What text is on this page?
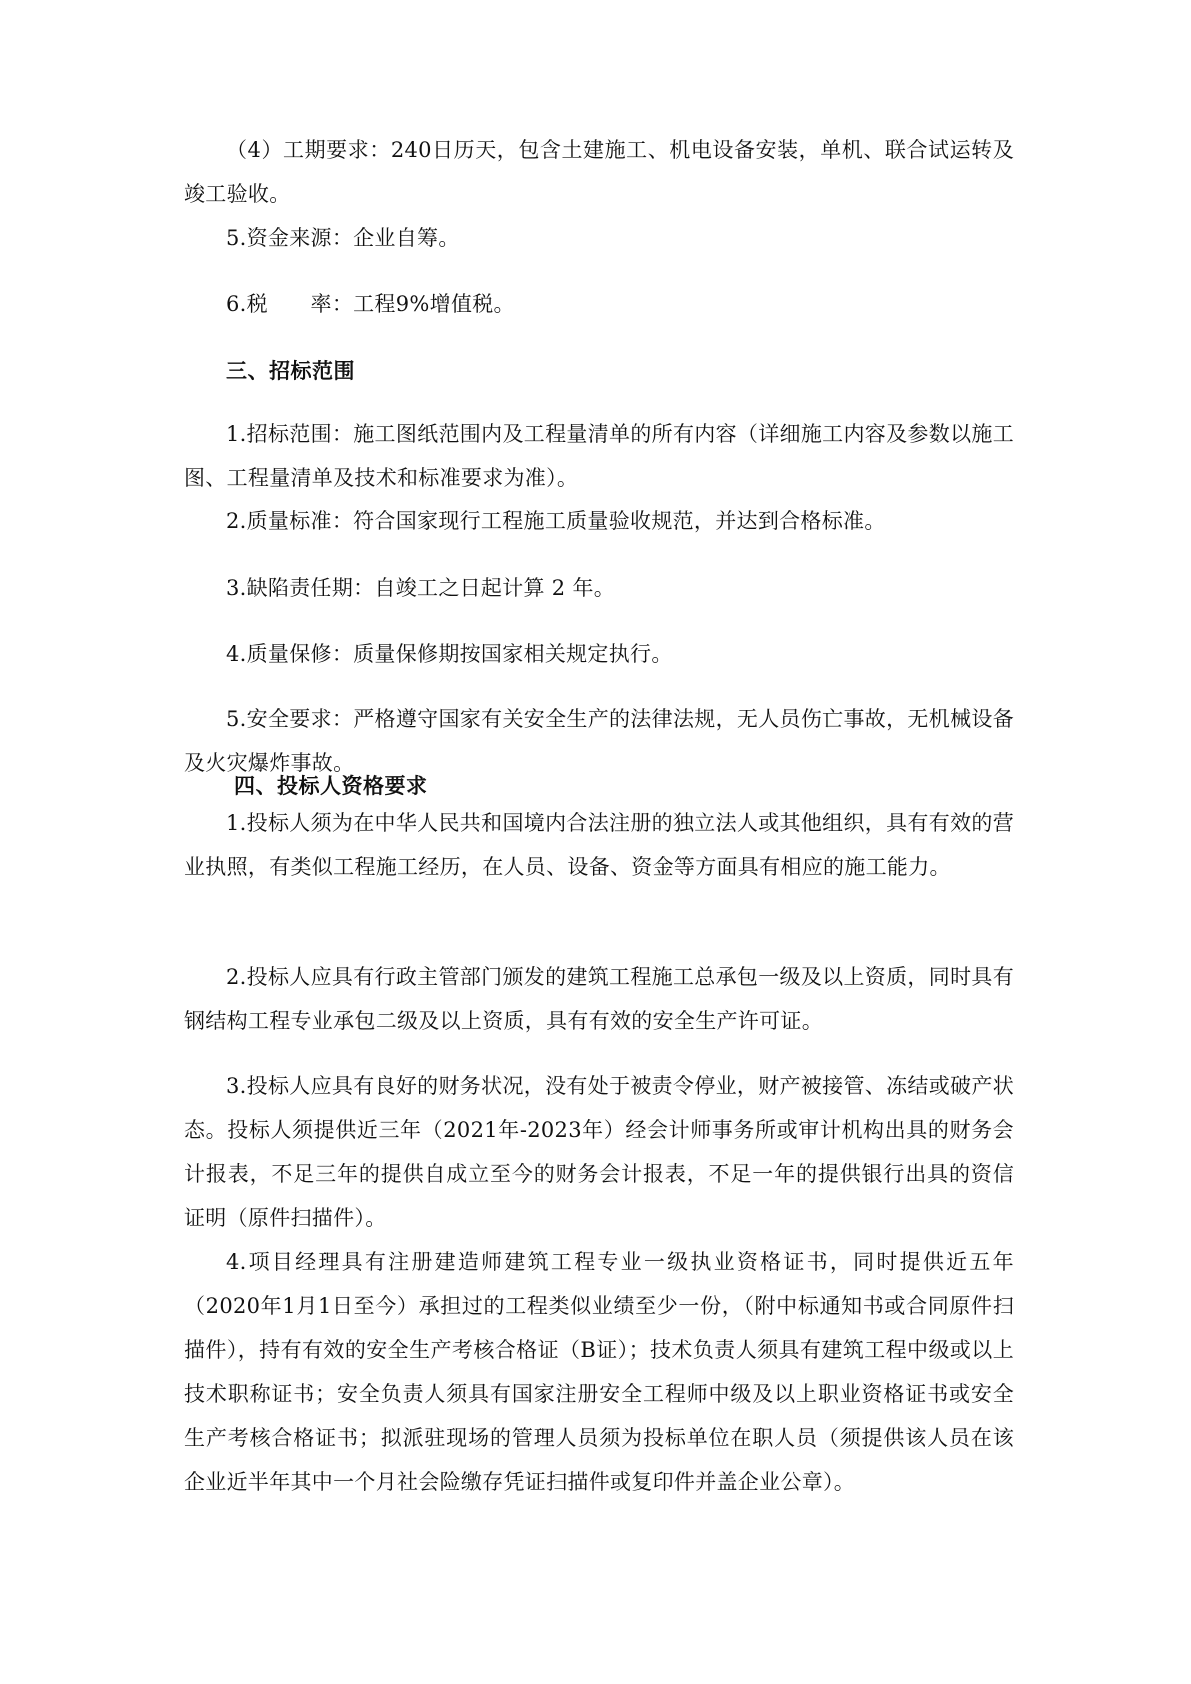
（4）工期要求：240日历天，包含土建施工、机电设备安装，单机、联合试运转及竣工验收。
5.资金来源：企业自筹。
6.税　　率：工程9%增值税。
三、招标范围
1.招标范围：施工图纸范围内及工程量清单的所有内容（详细施工内容及参数以施工图、工程量清单及技术和标准要求为准）。
2.质量标准：符合国家现行工程施工质量验收规范，并达到合格标准。
3.缺陷责任期：自竣工之日起计算 2 年。
4.质量保修：质量保修期按国家相关规定执行。
5.安全要求：严格遵守国家有关安全生产的法律法规，无人员伤亡事故，无机械设备及火灾爆炸事故。
四、投标人资格要求
1.投标人须为在中华人民共和国境内合法注册的独立法人或其他组织，具有有效的营业执照，有类似工程施工经历，在人员、设备、资金等方面具有相应的施工能力。
2.投标人应具有行政主管部门颁发的建筑工程施工总承包一级及以上资质，同时具有钢结构工程专业承包二级及以上资质，具有有效的安全生产许可证。
3.投标人应具有良好的财务状况，没有处于被责令停业，财产被接管、冻结或破产状态。投标人须提供近三年（2021年-2023年）经会计师事务所或审计机构出具的财务会计报表，不足三年的提供自成立至今的财务会计报表，不足一年的提供银行出具的资信证明（原件扫描件）。
4.项目经理具有注册建造师建筑工程专业一级执业资格证书，同时提供近五年（2020年1月1日至今）承担过的工程类似业绩至少一份，（附中标通知书或合同原件扫描件），持有有效的安全生产考核合格证（B证）；技术负责人须具有建筑工程中级或以上技术职称证书；安全负责人须具有国家注册安全工程师中级及以上职业资格证书或安全生产考核合格证书；拟派驻现场的管理人员须为投标单位在职人员（须提供该人员在该企业近半年其中一个月社会险缴存凭证扫描件或复印件并盖企业公章）。
